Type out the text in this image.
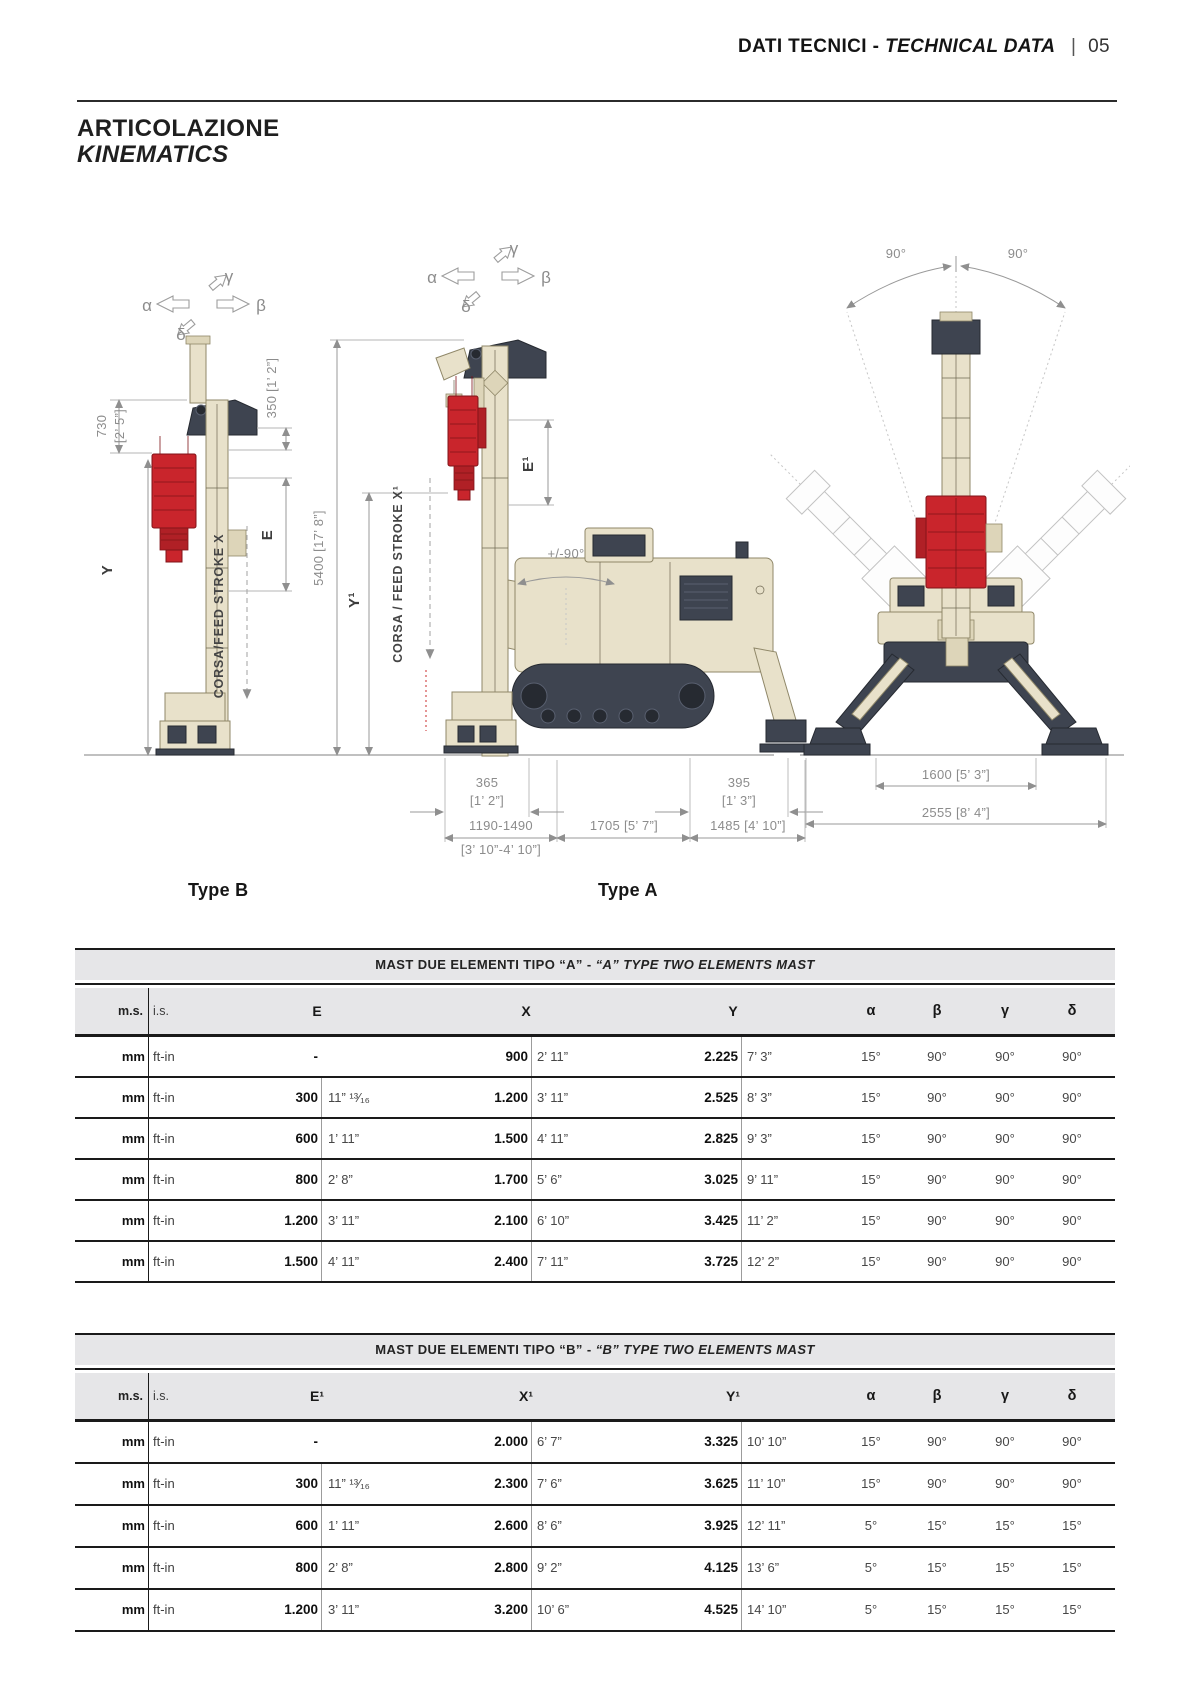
DATI TECNICI - TECHNICAL DATA | 05
ARTICOLAZIONE
KINEMATICS
α	β
γ
δ
730 [2’ 5”]
Y
350 [1’ 2”]
E
CORSA/FEED STROKE X
α	β
γ
δ
5400 [17’ 8”]
Y¹ CORSA / FEED STROKE X¹
E¹
+/-90°
365
[1’ 2”]
395
[1’ 3”]
1190-1490	1705 [5’ 7”]	1485 [4’ 10”]
[3’ 10”-4’ 10”]
90°	90°
1600 [5’ 3”]
2555 [8’ 4”]
Type B	Type A
MAST DUE ELEMENTI TIPO “A” - “A” TYPE TWO ELEMENTS MAST
m.s. i.s.	E	X	Y	α	β	γ	δ
mm ft-in	-	900 2’ 11”	2.225 7’ 3”	15°	90°	90°	90°
mm ft-in	300 11” ¹³⁄₁₆	1.200 3’ 11”	2.525 8’ 3”	15°	90°	90°	90°
mm ft-in	600 1’ 11”	1.500 4’ 11”	2.825 9’ 3”	15°	90°	90°	90°
mm ft-in	800 2’ 8”	1.700 5’ 6”	3.025 9’ 11”	15°	90°	90°	90°
mm ft-in	1.200 3’ 11”	2.100 6’ 10”	3.425 11’ 2”	15°	90°	90°	90°
mm ft-in	1.500 4’ 11”	2.400 7’ 11”	3.725 12’ 2”	15°	90°	90°	90°
MAST DUE ELEMENTI TIPO “B” - “B” TYPE TWO ELEMENTS MAST
m.s. i.s.	E¹	X¹	Y¹	α	β	γ	δ
mm ft-in	-	2.000 6’ 7”	3.325 10’ 10”	15°	90°	90°	90°
mm ft-in	300 11” ¹³⁄₁₆	2.300 7’ 6”	3.625 11’ 10”	15°	90°	90°	90°
mm ft-in	600 1’ 11”	2.600 8’ 6”	3.925 12’ 11”	5°	15°	15°	15°
mm ft-in	800 2’ 8”	2.800 9’ 2”	4.125 13’ 6”	5°	15°	15°	15°
mm ft-in	1.200 3’ 11”	3.200 10’ 6”	4.525 14’ 10”	5°	15°	15°	15°
